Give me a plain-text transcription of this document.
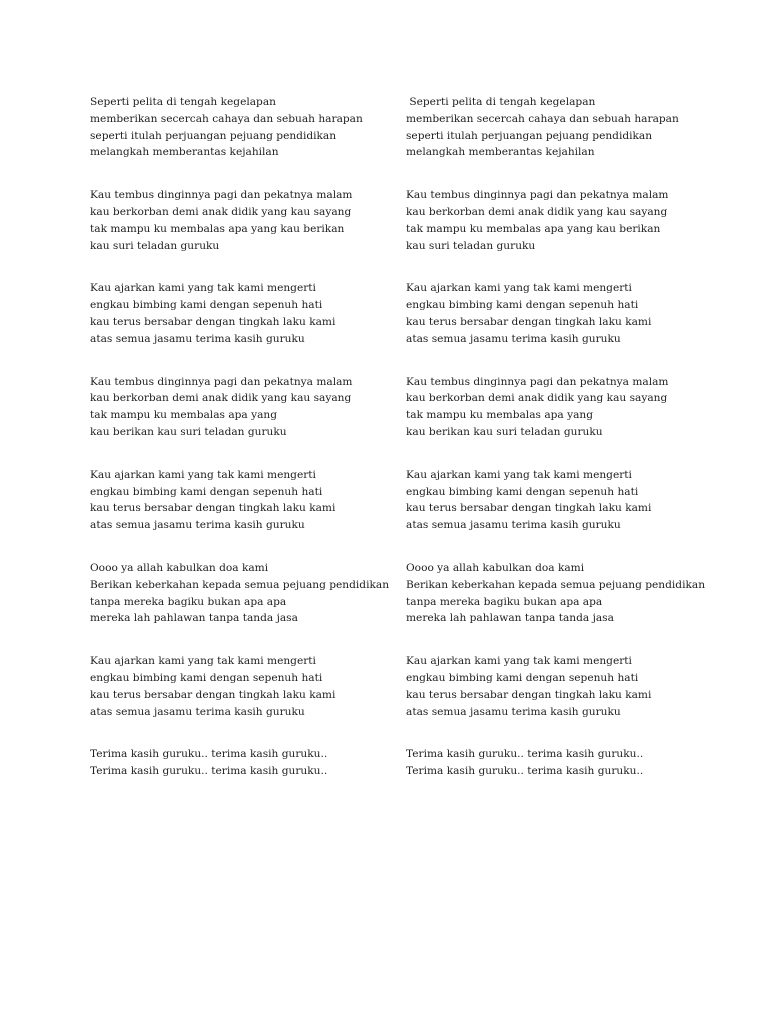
Seperti pelita di tengah kegelapan
memberikan secercah cahaya dan sebuah harapan
seperti itulah perjuangan pejuang pendidikan
melangkah memberantas kejahilan
Kau tembus dinginnya pagi dan pekatnya malam
kau berkorban demi anak didik yang kau sayang
tak mampu ku membalas apa yang kau berikan
kau suri teladan guruku
Kau ajarkan kami yang tak kami mengerti
engkau bimbing kami dengan sepenuh hati
kau terus bersabar dengan tingkah laku kami
atas semua jasamu terima kasih guruku
Kau tembus dinginnya pagi dan pekatnya malam
kau berkorban demi anak didik yang kau sayang
tak mampu ku membalas apa yang
kau berikan kau suri teladan guruku
Kau ajarkan kami yang tak kami mengerti
engkau bimbing kami dengan sepenuh hati
kau terus bersabar dengan tingkah laku kami
atas semua jasamu terima kasih guruku
Oooo ya allah kabulkan doa kami
Berikan keberkahan kepada semua pejuang pendidikan
tanpa mereka bagiku bukan apa apa
mereka lah pahlawan tanpa tanda jasa
Kau ajarkan kami yang tak kami mengerti
engkau bimbing kami dengan sepenuh hati
kau terus bersabar dengan tingkah laku kami
atas semua jasamu terima kasih guruku
Terima kasih guruku.. terima kasih guruku..
Terima kasih guruku.. terima kasih guruku..
Seperti pelita di tengah kegelapan
memberikan secercah cahaya dan sebuah harapan
seperti itulah perjuangan pejuang pendidikan
melangkah memberantas kejahilan
Kau tembus dinginnya pagi dan pekatnya malam
kau berkorban demi anak didik yang kau sayang
tak mampu ku membalas apa yang kau berikan
kau suri teladan guruku
Kau ajarkan kami yang tak kami mengerti
engkau bimbing kami dengan sepenuh hati
kau terus bersabar dengan tingkah laku kami
atas semua jasamu terima kasih guruku
Kau tembus dinginnya pagi dan pekatnya malam
kau berkorban demi anak didik yang kau sayang
tak mampu ku membalas apa yang
kau berikan kau suri teladan guruku
Kau ajarkan kami yang tak kami mengerti
engkau bimbing kami dengan sepenuh hati
kau terus bersabar dengan tingkah laku kami
atas semua jasamu terima kasih guruku
Oooo ya allah kabulkan doa kami
Berikan keberkahan kepada semua pejuang pendidikan
tanpa mereka bagiku bukan apa apa
mereka lah pahlawan tanpa tanda jasa
Kau ajarkan kami yang tak kami mengerti
engkau bimbing kami dengan sepenuh hati
kau terus bersabar dengan tingkah laku kami
atas semua jasamu terima kasih guruku
Terima kasih guruku.. terima kasih guruku..
Terima kasih guruku.. terima kasih guruku..
